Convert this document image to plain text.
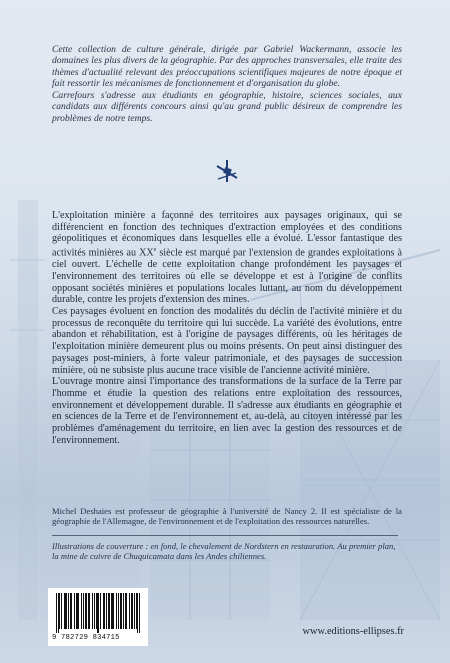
Cette collection de culture générale, dirigée par Gabriel Wackermann, associe les domaines les plus divers de la géographie. Par des approches transversales, elle traite des thèmes d'actualité relevant des préoccupations scientifiques majeures de notre époque et fait ressortir les mécanismes de fonctionnement et d'organisation du globe.

Carrefours s'adresse aux étudiants en géographie, histoire, sciences sociales, aux candidats aux différents concours ainsi qu'au grand public désireux de comprendre les problèmes de notre temps.

L'exploitation minière a façonné des territoires aux paysages originaux, qui se différencient en fonction des techniques d'extraction employées et des conditions géopolitiques et économiques dans lesquelles elle a évolué. L'essor fantastique des activités minières au XXe siècle est marqué par l'extension de grandes exploitations à ciel ouvert. L'échelle de cette exploitation change profondément les paysages et l'environnement des territoires où elle se développe et est à l'origine de conflits opposant sociétés minières et populations locales luttant, au nom du développement durable, contre les projets d'extension des mines.

Ces paysages évoluent en fonction des modalités du déclin de l'activité minière et du processus de reconquête du territoire qui lui succède. La variété des évolutions, entre abandon et réhabilitation, est à l'origine de paysages différents, où les héritages de l'exploitation minière demeurent plus ou moins présents. On peut ainsi distinguer des paysages post-miniers, à forte valeur patrimoniale, et des paysages de succession minière, où ne subsiste plus aucune trace visible de l'ancienne activité minière.

L'ouvrage montre ainsi l'importance des transformations de la surface de la Terre par l'homme et étudie la question des relations entre exploitation des ressources, environnement et développement durable. Il s'adresse aux étudiants en géographie et en sciences de la Terre et de l'environnement et, au-delà, au citoyen intéressé par les problèmes d'aménagement du territoire, en lien avec la gestion des ressources et de l'environnement.

Michel Deshaies est professeur de géographie à l'université de Nancy 2. Il est spécialiste de la géographie de l'Allemagne, de l'environnement et de l'exploitation des ressources naturelles.
Illustrations de couverture : en fond, le chevalement de Nordstern en restauration. Au premier plan, la mine de cuivre de Chuquicamata dans les Andes chiliennes.
9 782729 834715
www.editions-ellipses.fr
